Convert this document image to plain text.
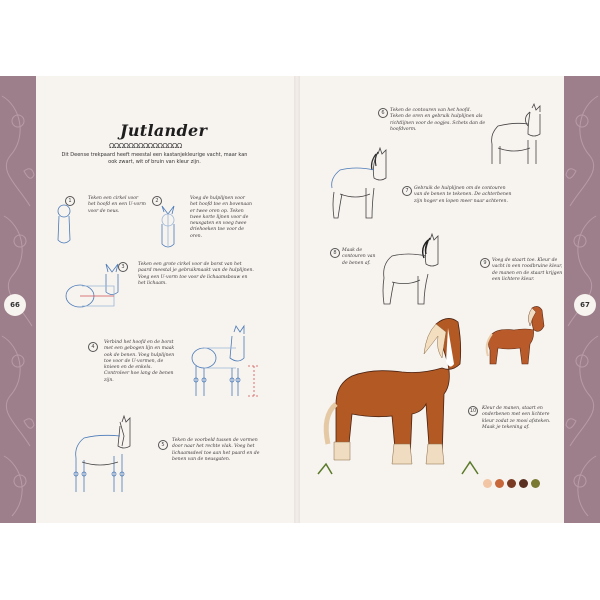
66	67
Jutlander
ΩΩΩΩΩΩΩΩΩΩΩΩΩΩΩ
Dit Deense trekpaard heeft meestal een kastanjekleurige vacht, maar kan ook zwart, wit of bruin van kleur zijn.
1	Teken een cirkel voor het hoofd en een U-vorm voor de neus.
2	Voeg de hulplijnen voor het hoofd toe en bovenaan er twee oren op. Teken twee korte lijnen voor de neusgaten en voeg twee driehoeken toe voor de oren.
3	Teken een grote cirkel voor de borst van het paard meestal je gebruikmaakt van de hulplijnen. Voeg een U-vorm toe voor de lichaamsbouw en het lichaam.
4
Verbind het hoofd en de borst met een gebogen lijn en maak ook de benen. Voeg hulplijnen toe voor de U-vormen, de knieen en de enkels. Controleer hoe lang de benen zijn.
5
Teken de voorbeld tussen de vormen door naar het rechte vlak. Voeg het lichaamsdeel toe aan het paard en de benen van de neusgaten.
6	Teken de contouren van het hoofd. Teken de oren en gebruik hulplijnen als richtlijnen voor de oogjes. Schets dan de hoofdvorm.
7	Gebruik de hulplijnen om de contouren van de benen te tekenen. De achterbenen zijn hoger en lopen meer naar achteren.
8	Maak de contouren van de benen af.	9	Voeg de staart toe. Kleur de vacht in een roodbruine kleur, de manen en de staart krijgen een lichtere kleur.
10	Kleur de manen, staart en onderbenen met een lichtere kleur zodat ze mooi afsteken. Maak je tekening af.
